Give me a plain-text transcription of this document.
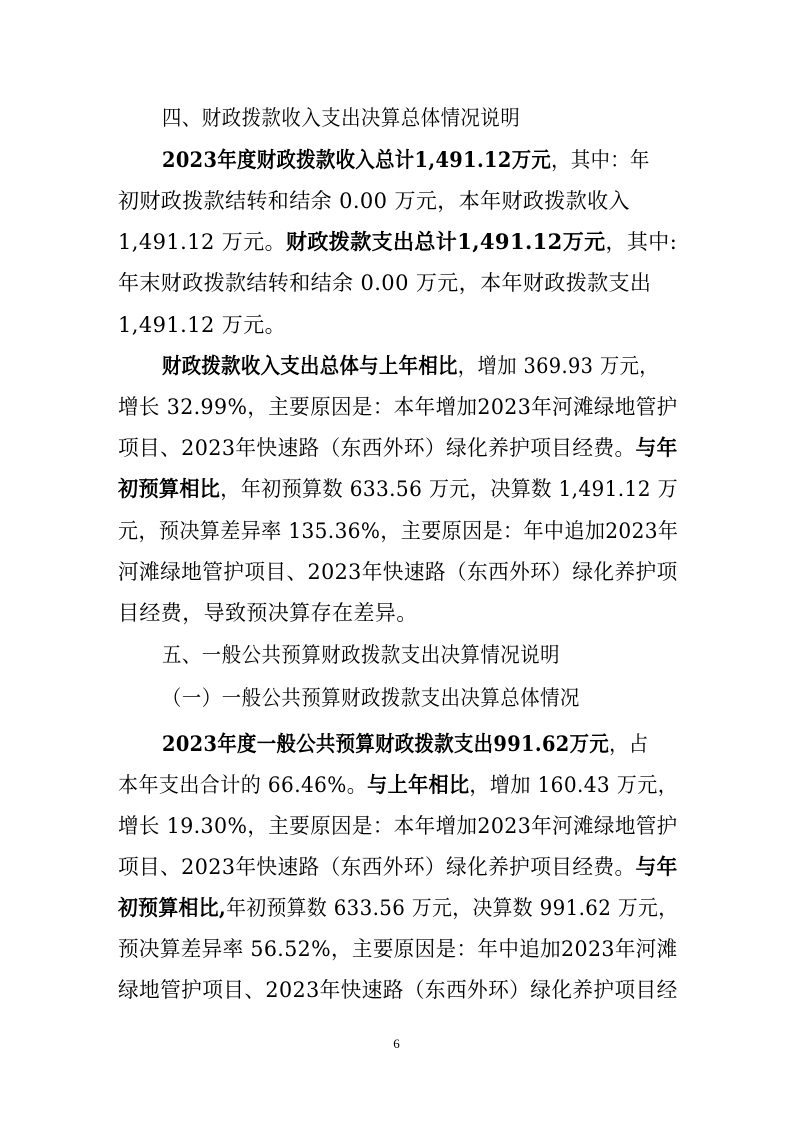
四、财政拨款收入支出决算总体情况说明
2023年度财政拨款收入总计1,491.12万元，其中：年
初财政拨款结转和结余 0.00 万元，本年财政拨款收入
1,491.12 万元。财政拨款支出总计1,491.12万元，其中:
年末财政拨款结转和结余 0.00 万元，本年财政拨款支出
1,491.12 万元。
财政拨款收入支出总体与上年相比，增加 369.93 万元，
增长 32.99%，主要原因是：本年增加2023年河滩绿地管护
项目、2023年快速路（东西外环）绿化养护项目经费。与年
初预算相比，年初预算数 633.56 万元，决算数 1,491.12 万
元，预决算差异率 135.36%，主要原因是：年中追加2023年
河滩绿地管护项目、2023年快速路（东西外环）绿化养护项
目经费，导致预决算存在差异。
五、一般公共预算财政拨款支出决算情况说明
（一）一般公共预算财政拨款支出决算总体情况
2023年度一般公共预算财政拨款支出991.62万元，占
本年支出合计的 66.46%。与上年相比，增加 160.43 万元，
增长 19.30%，主要原因是：本年增加2023年河滩绿地管护
项目、2023年快速路（东西外环）绿化养护项目经费。与年
初预算相比,年初预算数 633.56 万元，决算数 991.62 万元，
预决算差异率 56.52%，主要原因是：年中追加2023年河滩
绿地管护项目、2023年快速路（东西外环）绿化养护项目经
6
